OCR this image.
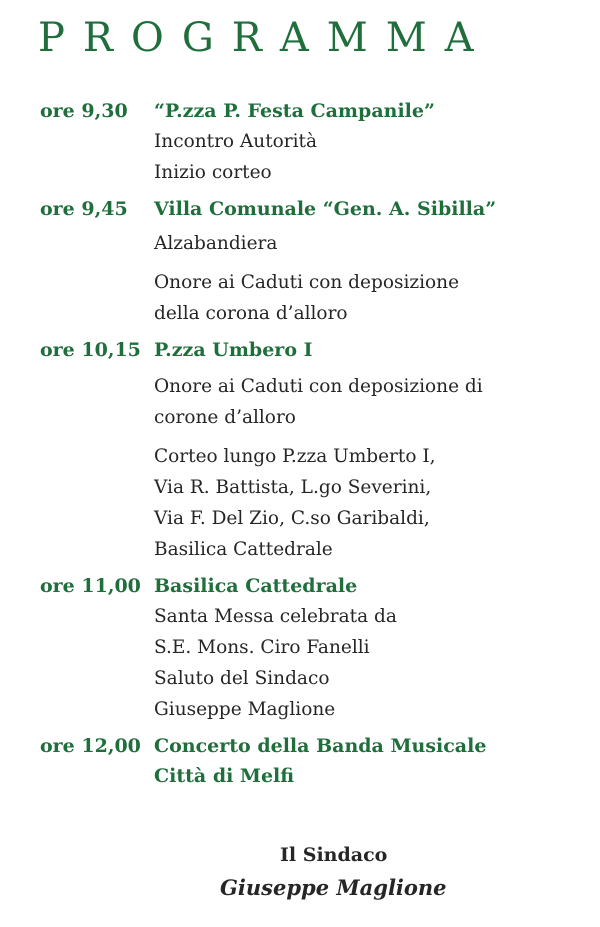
PROGRAMMA
ore 9,30	“P.zza P. Festa Campanile”
Incontro Autorità
Inizio corteo
ore 9,45	Villa Comunale “Gen. A. Sibilla”
Alzabandiera
Onore ai Caduti con deposizione
della corona d’alloro
ore 10,15 P.zza Umbero I
Onore ai Caduti con deposizione di
corone d’alloro
Corteo lungo P.zza Umberto I,
Via R. Battista, L.go Severini,
Via F. Del Zio, C.so Garibaldi,
Basilica Cattedrale
ore 11,00 Basilica Cattedrale
Santa Messa celebrata da
S.E. Mons. Ciro Fanelli
Saluto del Sindaco
Giuseppe Maglione
ore 12,00 Concerto della Banda Musicale
Città di Melfi
Il Sindaco
Giuseppe Maglione
